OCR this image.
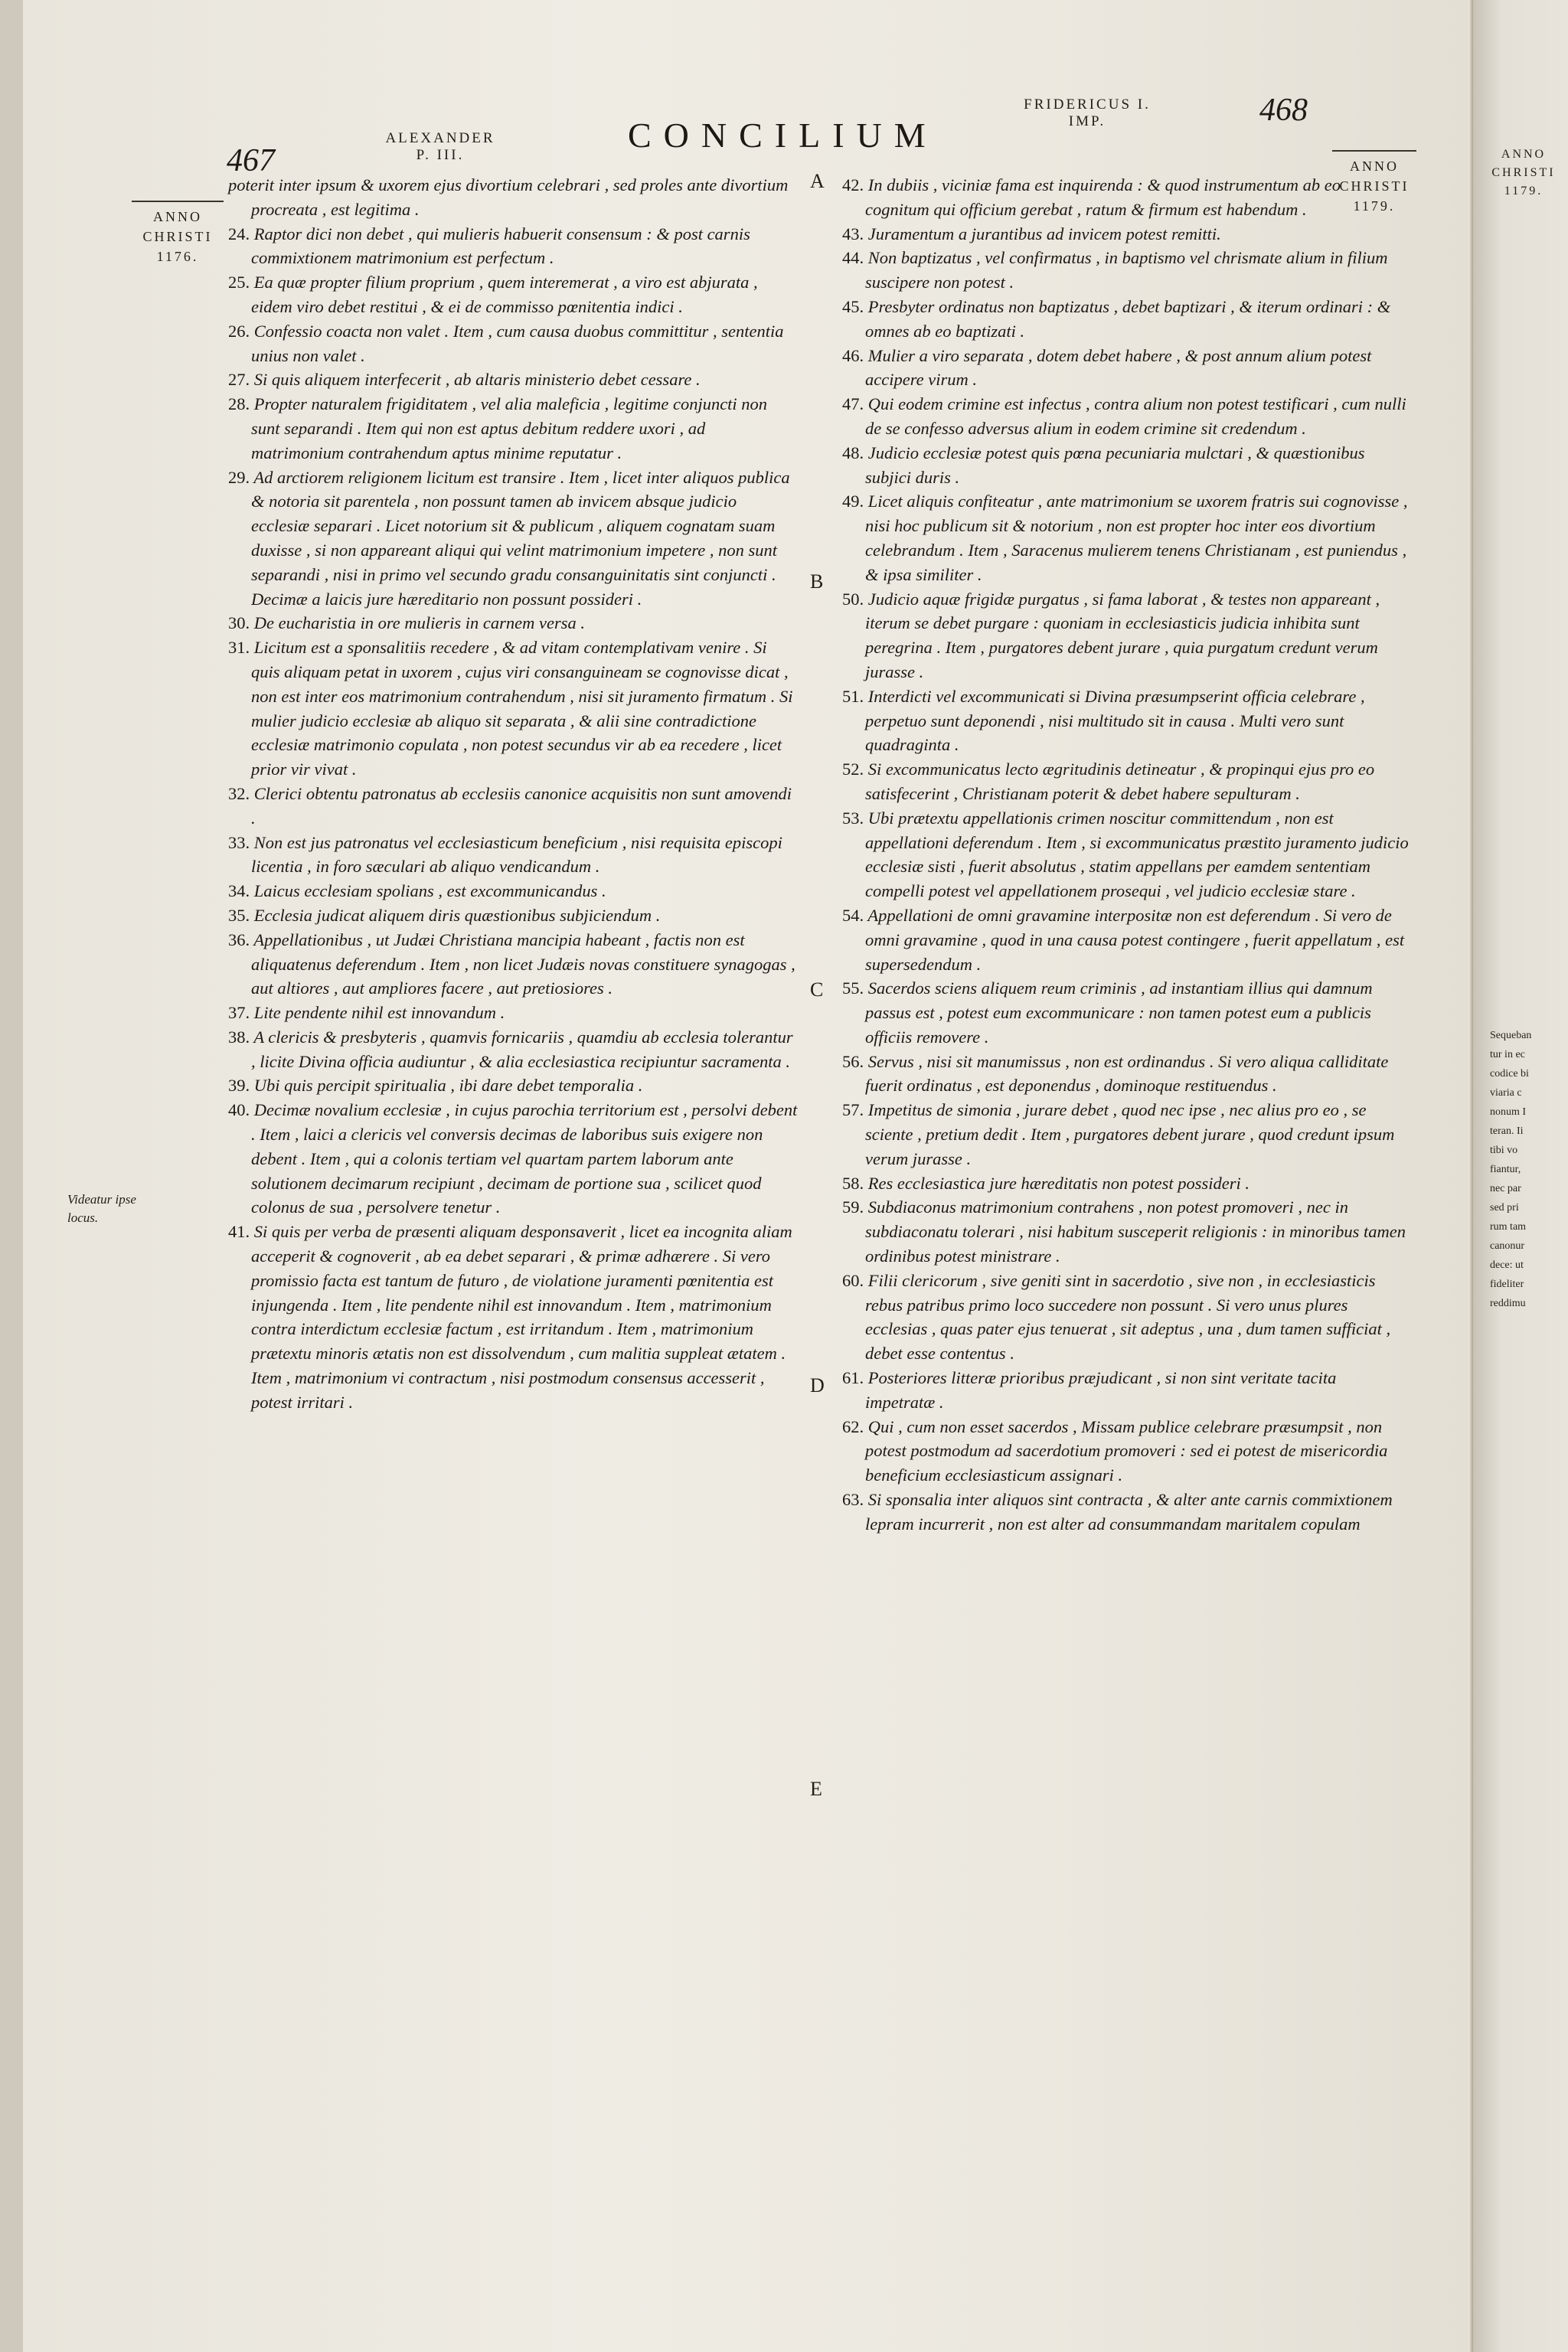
ANNO
CHRISTI
1179.
Sequeban
tur in ec
codice bi
viaria c
nonum I
teran. Ii
tibi vo
fiantur,
nec par
sed pri
rum tam
canonur
dece: ut
fideliter
reddimu
467
468
ALEXANDER
P. III.
CONCILIUM
FRIDERICUS I.
IMP.
ANNO
CHRISTI
1176.
ANNO
CHRISTI
1179.
Videatur ipse locus.
A
B
C
D
E
poterit inter ipsum & uxorem ejus divortium celebrari , sed proles ante divortium procreata , est legitima .
24. Raptor dici non debet , qui mulieris habuerit consensum : & post carnis commixtionem matrimonium est perfectum .
25. Ea quæ propter filium proprium , quem interemerat , a viro est abjurata , eidem viro debet restitui , & ei de commisso pœnitentia indici .
26. Confessio coacta non valet . Item , cum causa duobus committitur , sententia unius non valet .
27. Si quis aliquem interfecerit , ab altaris ministerio debet cessare .
28. Propter naturalem frigiditatem , vel alia maleficia , legitime conjuncti non sunt separandi . Item qui non est aptus debitum reddere uxori , ad matrimonium contrahendum aptus minime reputatur .
29. Ad arctiorem religionem licitum est transire . Item , licet inter aliquos publica & notoria sit parentela , non possunt tamen ab invicem absque judicio ecclesiæ separari . Licet notorium sit & publicum , aliquem cognatam suam duxisse , si non appareant aliqui qui velint matrimonium impetere , non sunt separandi , nisi in primo vel secundo gradu consanguinitatis sint conjuncti . Decimæ a laicis jure hæreditario non possunt possideri .
30. De eucharistia in ore mulieris in carnem versa .
31. Licitum est a sponsalitiis recedere , & ad vitam contemplativam venire . Si quis aliquam petat in uxorem , cujus viri consanguineam se cognovisse dicat , non est inter eos matrimonium contrahendum , nisi sit juramento firmatum . Si mulier judicio ecclesiæ ab aliquo sit separata , & alii sine contradictione ecclesiæ matrimonio copulata , non potest secundus vir ab ea recedere , licet prior vir vivat .
32. Clerici obtentu patronatus ab ecclesiis canonice acquisitis non sunt amovendi .
33. Non est jus patronatus vel ecclesiasticum beneficium , nisi requisita episcopi licentia , in foro sæculari ab aliquo vendicandum .
34. Laicus ecclesiam spolians , est excommunicandus .
35. Ecclesia judicat aliquem diris quæstionibus subjiciendum .
36. Appellationibus , ut Judæi Christiana mancipia habeant , factis non est aliquatenus deferendum . Item , non licet Judæis novas constituere synagogas , aut altiores , aut ampliores facere , aut pretiosiores .
37. Lite pendente nihil est innovandum .
38. A clericis & presbyteris , quamvis fornicariis , quamdiu ab ecclesia tolerantur , licite Divina officia audiuntur , & alia ecclesiastica recipiuntur sacramenta .
39. Ubi quis percipit spiritualia , ibi dare debet temporalia .
40. Decimæ novalium ecclesiæ , in cujus parochia territorium est , persolvi debent . Item , laici a clericis vel conversis decimas de laboribus suis exigere non debent . Item , qui a colonis tertiam vel quartam partem laborum ante solutionem decimarum recipiunt , decimam de portione sua , scilicet quod colonus de sua , persolvere tenetur .
41. Si quis per verba de præsenti aliquam desponsaverit , licet ea incognita aliam acceperit & cognoverit , ab ea debet separari , & primæ adhærere . Si vero promissio facta est tantum de futuro , de violatione juramenti pœnitentia est injungenda . Item , lite pendente nihil est innovandum . Item , matrimonium contra interdictum ecclesiæ factum , est irritandum . Item , matrimonium prætextu minoris ætatis non est dissolvendum , cum malitia suppleat ætatem . Item , matrimonium vi contractum , nisi postmodum consensus accesserit , potest irritari .
42. In dubiis , viciniæ fama est inquirenda : & quod instrumentum ab eo cognitum qui officium gerebat , ratum & firmum est habendum .
43. Juramentum a jurantibus ad invicem potest remitti.
44. Non baptizatus , vel confirmatus , in baptismo vel chrismate alium in filium suscipere non potest .
45. Presbyter ordinatus non baptizatus , debet baptizari , & iterum ordinari : & omnes ab eo baptizati .
46. Mulier a viro separata , dotem debet habere , & post annum alium potest accipere virum .
47. Qui eodem crimine est infectus , contra alium non potest testificari , cum nulli de se confesso adversus alium in eodem crimine sit credendum .
48. Judicio ecclesiæ potest quis pœna pecuniaria mulctari , & quæstionibus subjici duris .
49. Licet aliquis confiteatur , ante matrimonium se uxorem fratris sui cognovisse , nisi hoc publicum sit & notorium , non est propter hoc inter eos divortium celebrandum . Item , Saracenus mulierem tenens Christianam , est puniendus , & ipsa similiter .
50. Judicio aquæ frigidæ purgatus , si fama laborat , & testes non appareant , iterum se debet purgare : quoniam in ecclesiasticis judicia inhibita sunt peregrina . Item , purgatores debent jurare , quia purgatum credunt verum jurasse .
51. Interdicti vel excommunicati si Divina præsumpserint officia celebrare , perpetuo sunt deponendi , nisi multitudo sit in causa . Multi vero sunt quadraginta .
52. Si excommunicatus lecto ægritudinis detineatur , & propinqui ejus pro eo satisfecerint , Christianam poterit & debet habere sepulturam .
53. Ubi prætextu appellationis crimen noscitur committendum , non est appellationi deferendum . Item , si excommunicatus præstito juramento judicio ecclesiæ sisti , fuerit absolutus , statim appellans per eamdem sententiam compelli potest vel appellationem prosequi , vel judicio ecclesiæ stare .
54. Appellationi de omni gravamine interpositæ non est deferendum . Si vero de omni gravamine , quod in una causa potest contingere , fuerit appellatum , est supersedendum .
55. Sacerdos sciens aliquem reum criminis , ad instantiam illius qui damnum passus est , potest eum excommunicare : non tamen potest eum a publicis officiis removere .
56. Servus , nisi sit manumissus , non est ordinandus . Si vero aliqua calliditate fuerit ordinatus , est deponendus , dominoque restituendus .
57. Impetitus de simonia , jurare debet , quod nec ipse , nec alius pro eo , se sciente , pretium dedit . Item , purgatores debent jurare , quod credunt ipsum verum jurasse .
58. Res ecclesiastica jure hæreditatis non potest possideri .
59. Subdiaconus matrimonium contrahens , non potest promoveri , nec in subdiaconatu tolerari , nisi habitum susceperit religionis : in minoribus tamen ordinibus potest ministrare .
60. Filii clericorum , sive geniti sint in sacerdotio , sive non , in ecclesiasticis rebus patribus primo loco succedere non possunt . Si vero unus plures ecclesias , quas pater ejus tenuerat , sit adeptus , una , dum tamen sufficiat , debet esse contentus .
61. Posteriores litteræ prioribus præjudicant , si non sint veritate tacita impetratæ .
62. Qui , cum non esset sacerdos , Missam publice celebrare præsumpsit , non potest postmodum ad sacerdotium promoveri : sed ei potest de misericordia beneficium ecclesiasticum assignari .
63. Si sponsalia inter aliquos sint contracta , & alter ante carnis commixtionem lepram incurrerit , non est alter ad consummandam maritalem copulam
